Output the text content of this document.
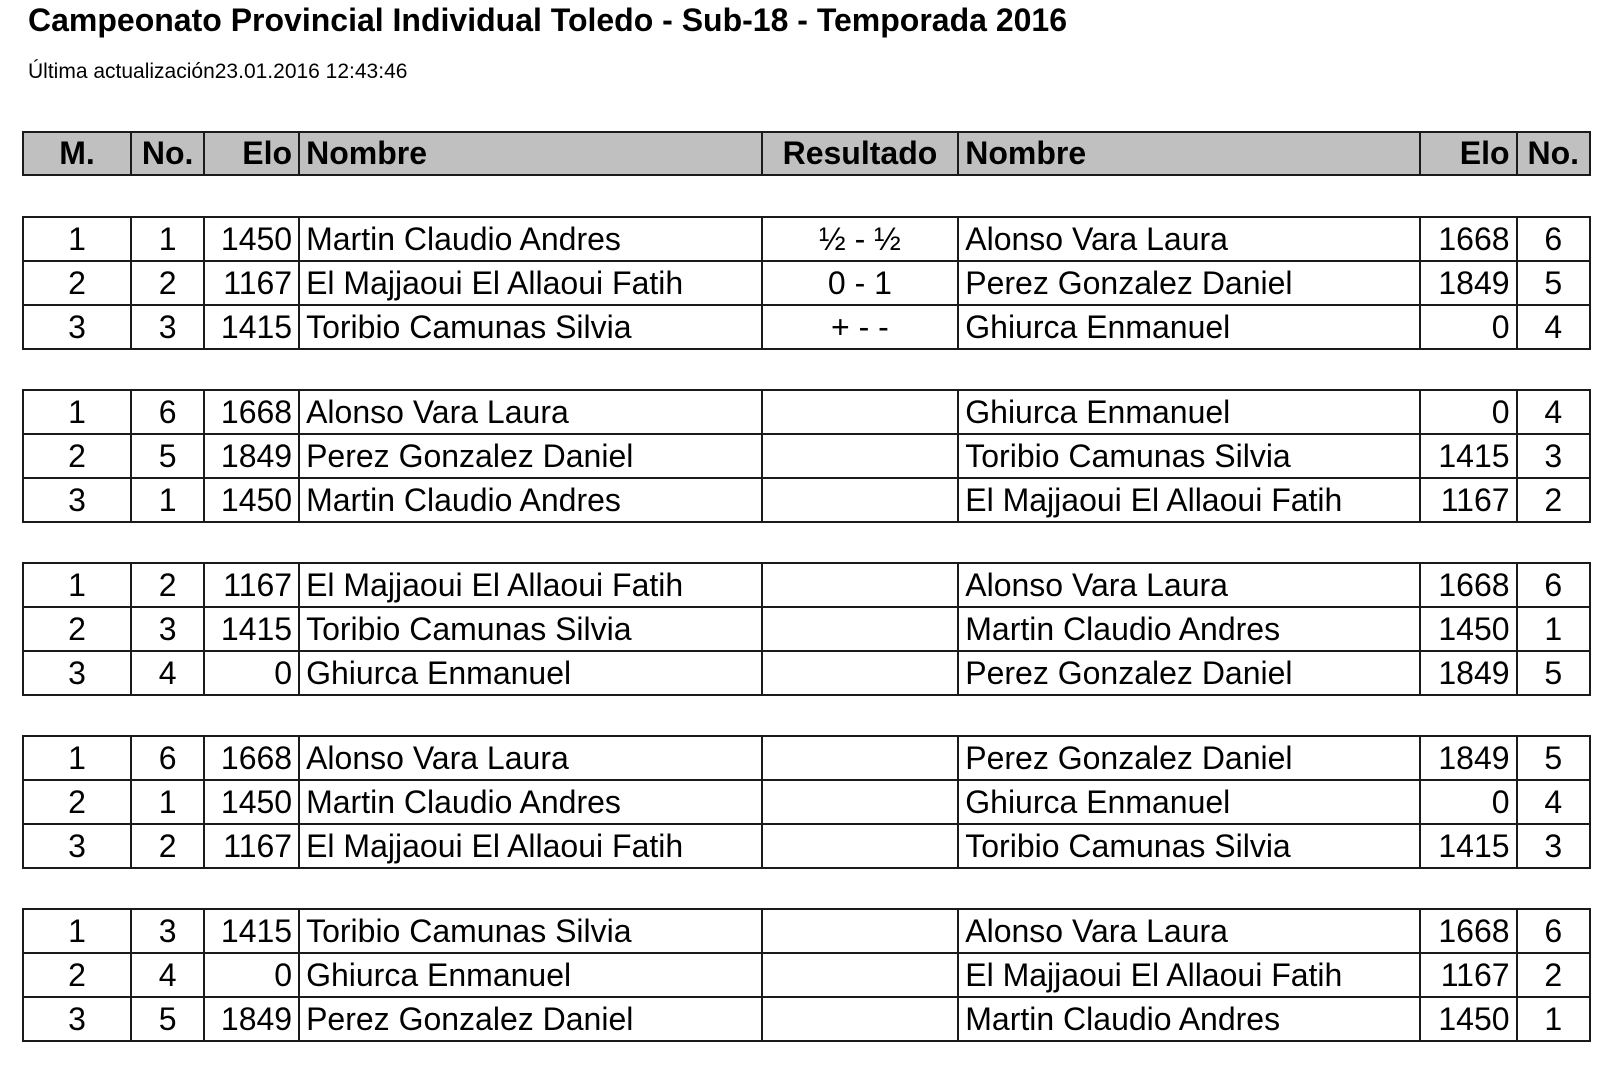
Campeonato Provincial Individual Toledo - Sub-18 - Temporada 2016
Última actualización23.01.2016 12:43:46
M.	No.	Elo	Nombre	Resultado	Nombre	Elo	No.
1	1	1450	Martin Claudio Andres	½ - ½	Alonso Vara Laura	1668	6
2	2	1167	El Majjaoui El Allaoui Fatih	0 - 1	Perez Gonzalez Daniel	1849	5
3	3	1415	Toribio Camunas Silvia	+ - -	Ghiurca Enmanuel	0	4
1	6	1668	Alonso Vara Laura		Ghiurca Enmanuel	0	4
2	5	1849	Perez Gonzalez Daniel		Toribio Camunas Silvia	1415	3
3	1	1450	Martin Claudio Andres		El Majjaoui El Allaoui Fatih	1167	2
1	2	1167	El Majjaoui El Allaoui Fatih		Alonso Vara Laura	1668	6
2	3	1415	Toribio Camunas Silvia		Martin Claudio Andres	1450	1
3	4	0	Ghiurca Enmanuel		Perez Gonzalez Daniel	1849	5
1	6	1668	Alonso Vara Laura		Perez Gonzalez Daniel	1849	5
2	1	1450	Martin Claudio Andres		Ghiurca Enmanuel	0	4
3	2	1167	El Majjaoui El Allaoui Fatih		Toribio Camunas Silvia	1415	3
1	3	1415	Toribio Camunas Silvia		Alonso Vara Laura	1668	6
2	4	0	Ghiurca Enmanuel		El Majjaoui El Allaoui Fatih	1167	2
3	5	1849	Perez Gonzalez Daniel		Martin Claudio Andres	1450	1
